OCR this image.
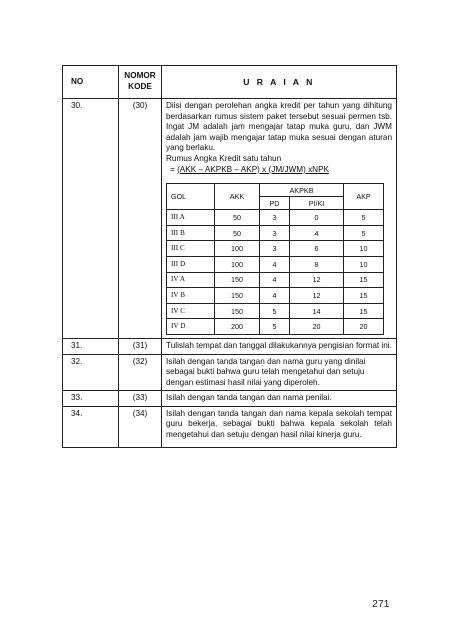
NO	NOMOR KODE	U R A I A N
30.	(30)	Diisi dengan perolehan angka kredit per tahun yang dihitung berdasarkan rumus sistem paket tersebut sesuai permen tsb. Ingat JM adalah jam mengajar tatap muka guru, dan JWM adalah jam wajib mengajar tatap muka sesuai dengan aturan yang berlaku.

Rumus Angka Kredit satu tahun

= (AKK – AKPKB – AKP) x (JM/JWM) xNPK

GOL	AKK	AKPKB	AKP
PD	PI/KI
III A	50	3	0	5
III B	50	3	4	5
III C	100	3	6	10
III D	100	4	8	10
IV A	150	4	12	15
IV B	150	4	12	15
IV C	150	5	14	15
IV D	200	5	20	20

31.	(31)	Tulislah tempat dan tanggal dilakukannya pengisian format ini.

32.	(32)	Isilah dengan tanda tangan dan nama guru yang dinilai sebagai bukti bahwa guru telah mengetahui dan setuju dengan estimasi hasil nilai yang diperoleh.

33.	(33)	Isilah dengan tanda tangan dan nama penilai.

34.	(34)	Isilah dengan tanda tangan dan nama kepala sekolah tempat guru bekerja, sebagai bukti bahwa kepala sekolah telah mengetahui dan setuju dengan hasil nilai kinerja guru.

271
